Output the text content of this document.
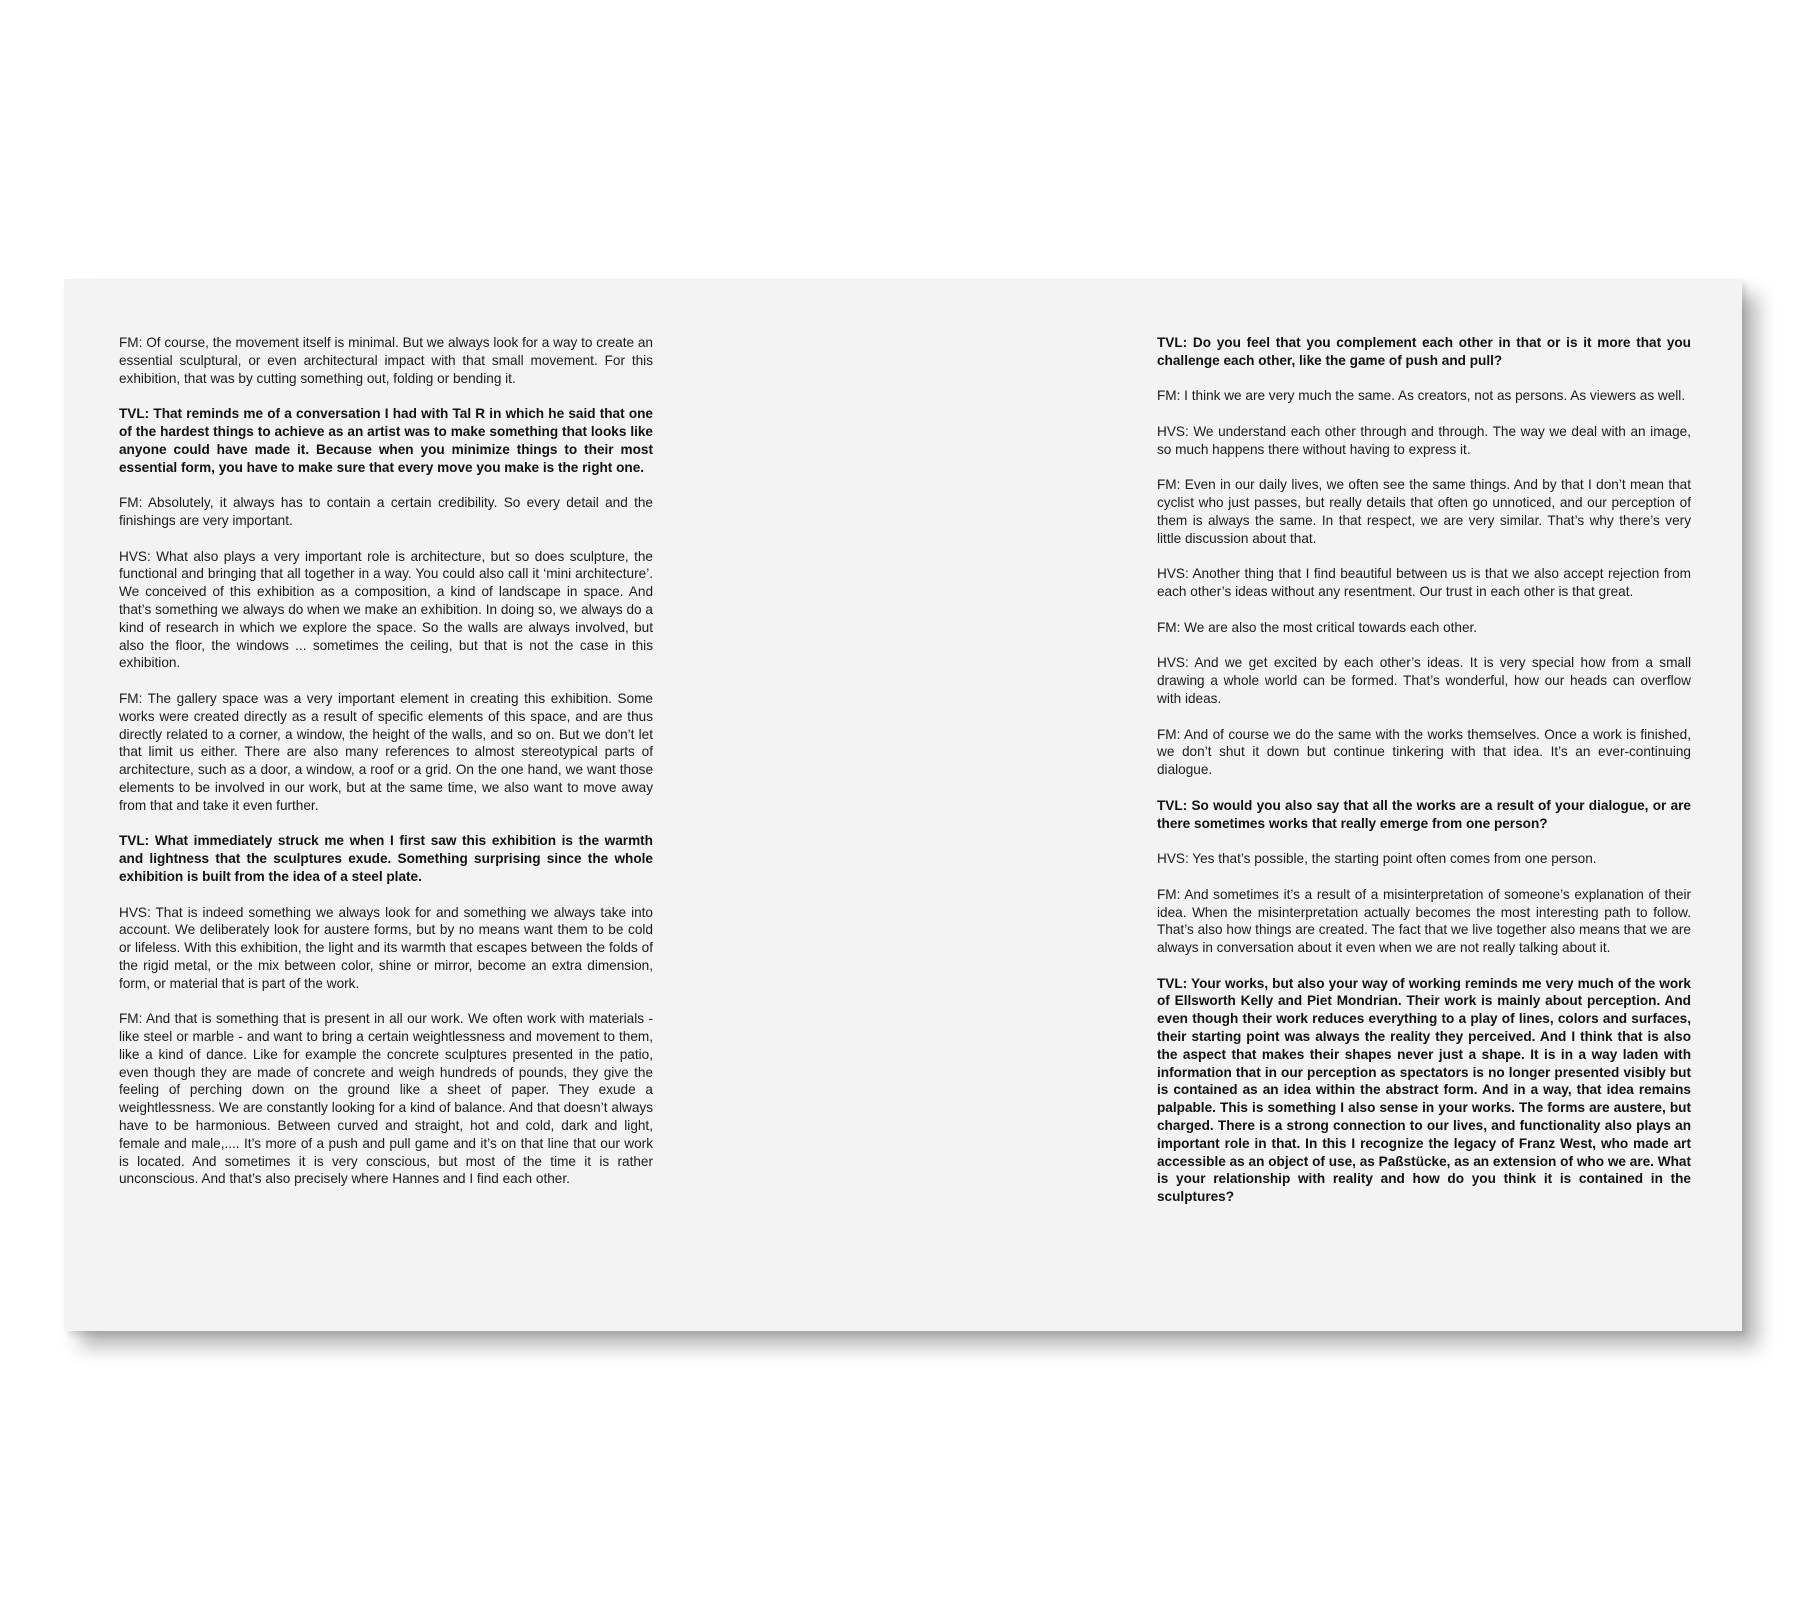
FM: Of course, the movement itself is minimal. But we always look for a way to create an essential sculptural, or even architectural impact with that small movement. For this exhibition, that was by cutting something out, folding or bending it.

TVL: That reminds me of a conversation I had with Tal R in which he said that one of the hardest things to achieve as an artist was to make something that looks like anyone could have made it. Because when you minimize things to their most essential form, you have to make sure that every move you make is the right one.

FM: Absolutely, it always has to contain a certain credibility. So every detail and the finishings are very important.

HVS: What also plays a very important role is architecture, but so does sculpture, the functional and bringing that all together in a way. You could also call it ‘mini architecture’. We conceived of this exhibition as a composition, a kind of landscape in space. And that’s something we always do when we make an exhibition. In doing so, we always do a kind of research in which we explore the space. So the walls are always involved, but also the floor, the windows ... sometimes the ceiling, but that is not the case in this exhibition.

FM: The gallery space was a very important element in creating this exhibition. Some works were created directly as a result of specific elements of this space, and are thus directly related to a corner, a window, the height of the walls, and so on. But we don’t let that limit us either. There are also many references to almost stereotypical parts of architecture, such as a door, a window, a roof or a grid. On the one hand, we want those elements to be involved in our work, but at the same time, we also want to move away from that and take it even further.

TVL: What immediately struck me when I first saw this exhibition is the warmth and lightness that the sculptures exude. Something surprising since the whole exhibition is built from the idea of a steel plate.

HVS: That is indeed something we always look for and something we always take into account. We deliberately look for austere forms, but by no means want them to be cold or lifeless. With this exhibition, the light and its warmth that escapes between the folds of the rigid metal, or the mix between color, shine or mirror, become an extra dimension, form, or material that is part of the work.

FM: And that is something that is present in all our work. We often work with materials - like steel or marble - and want to bring a certain weightlessness and movement to them, like a kind of dance. Like for example the concrete sculptures presented in the patio, even though they are made of concrete and weigh hundreds of pounds, they give the feeling of perching down on the ground like a sheet of paper. They exude a weightlessness. We are constantly looking for a kind of balance. And that doesn’t always have to be harmonious. Between curved and straight, hot and cold, dark and light, female and male,.... It’s more of a push and pull game and it’s on that line that our work is located. And sometimes it is very conscious, but most of the time it is rather unconscious. And that’s also precisely where Hannes and I find each other.

TVL: Do you feel that you complement each other in that or is it more that you challenge each other, like the game of push and pull?

FM: I think we are very much the same. As creators, not as persons. As viewers as well.

HVS: We understand each other through and through. The way we deal with an image, so much happens there without having to express it.

FM: Even in our daily lives, we often see the same things. And by that I don’t mean that cyclist who just passes, but really details that often go unnoticed, and our perception of them is always the same. In that respect, we are very similar. That’s why there’s very little discussion about that.

HVS: Another thing that I find beautiful between us is that we also accept rejection from each other’s ideas without any resentment. Our trust in each other is that great.

FM: We are also the most critical towards each other.

HVS: And we get excited by each other’s ideas. It is very special how from a small drawing a whole world can be formed. That’s wonderful, how our heads can overflow with ideas.

FM: And of course we do the same with the works themselves. Once a work is finished, we don’t shut it down but continue tinkering with that idea. It’s an ever-continuing dialogue.

TVL: So would you also say that all the works are a result of your dialogue, or are there sometimes works that really emerge from one person?

HVS: Yes that’s possible, the starting point often comes from one person.

FM: And sometimes it’s a result of a misinterpretation of someone’s explanation of their idea. When the misinterpretation actually becomes the most interesting path to follow. That’s also how things are created. The fact that we live together also means that we are always in conversation about it even when we are not really talking about it.

TVL: Your works, but also your way of working reminds me very much of the work of Ellsworth Kelly and Piet Mondrian. Their work is mainly about perception. And even though their work reduces everything to a play of lines, colors and surfaces, their starting point was always the reality they perceived. And I think that is also the aspect that makes their shapes never just a shape. It is in a way laden with information that in our perception as spectators is no longer presented visibly but is contained as an idea within the abstract form. And in a way, that idea remains palpable. This is something I also sense in your works. The forms are austere, but charged. There is a strong connection to our lives, and functionality also plays an important role in that. In this I recognize the legacy of Franz West, who made art accessible as an object of use, as Paßstücke, as an extension of who we are. What is your relationship with reality and how do you think it is contained in the sculptures?
